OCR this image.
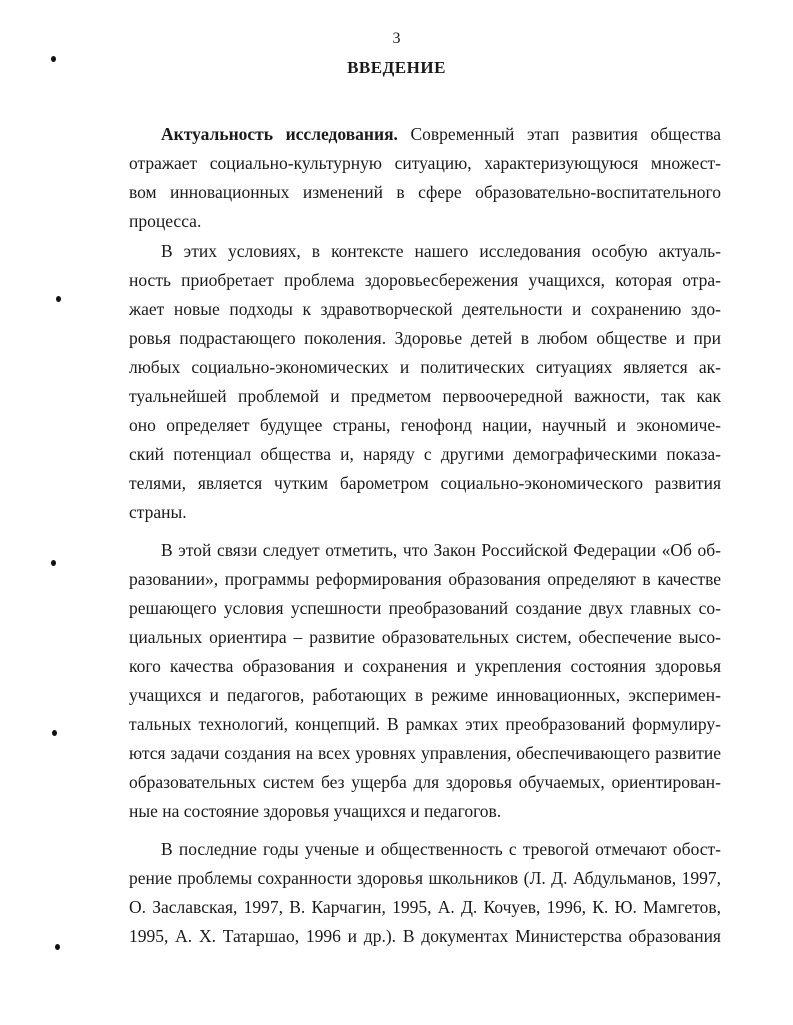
3
ВВЕДЕНИЕ
Актуальность исследования. Современный этап развития общества
отражает социально-культурную ситуацию, характеризующуюся множест-
вом инновационных изменений в сфере образовательно-воспитательного
процесса.
В этих условиях, в контексте нашего исследования особую актуаль-
ность приобретает проблема здоровьесбережения учащихся, которая отра-
жает новые подходы к здравотворческой деятельности и сохранению здо-
ровья подрастающего поколения. Здоровье детей в любом обществе и при
любых социально-экономических и политических ситуациях является ак-
туальнейшей проблемой и предметом первоочередной важности, так как
оно определяет будущее страны, генофонд нации, научный и экономиче-
ский потенциал общества и, наряду с другими демографическими показа-
телями, является чутким барометром социально-экономического развития
страны.
В этой связи следует отметить, что Закон Российской Федерации «Об об-
разовании», программы реформирования образования определяют в качестве
решающего условия успешности преобразований создание двух главных со-
циальных ориентира – развитие образовательных систем, обеспечение высо-
кого качества образования и сохранения и укрепления состояния здоровья
учащихся и педагогов, работающих в режиме инновационных, эксперимен-
тальных технологий, концепций. В рамках этих преобразований формулиру-
ются задачи создания на всех уровнях управления, обеспечивающего развитие
образовательных систем без ущерба для здоровья обучаемых, ориентирован-
ные на состояние здоровья учащихся и педагогов.
В последние годы ученые и общественность с тревогой отмечают обост-
рение проблемы сохранности здоровья школьников (Л. Д. Абдульманов, 1997,
О. Заславская, 1997, В. Карчагин, 1995, А. Д. Кочуев, 1996, К. Ю. Мамгетов,
1995, А. Х. Татаршао, 1996 и др.). В документах Министерства образования
